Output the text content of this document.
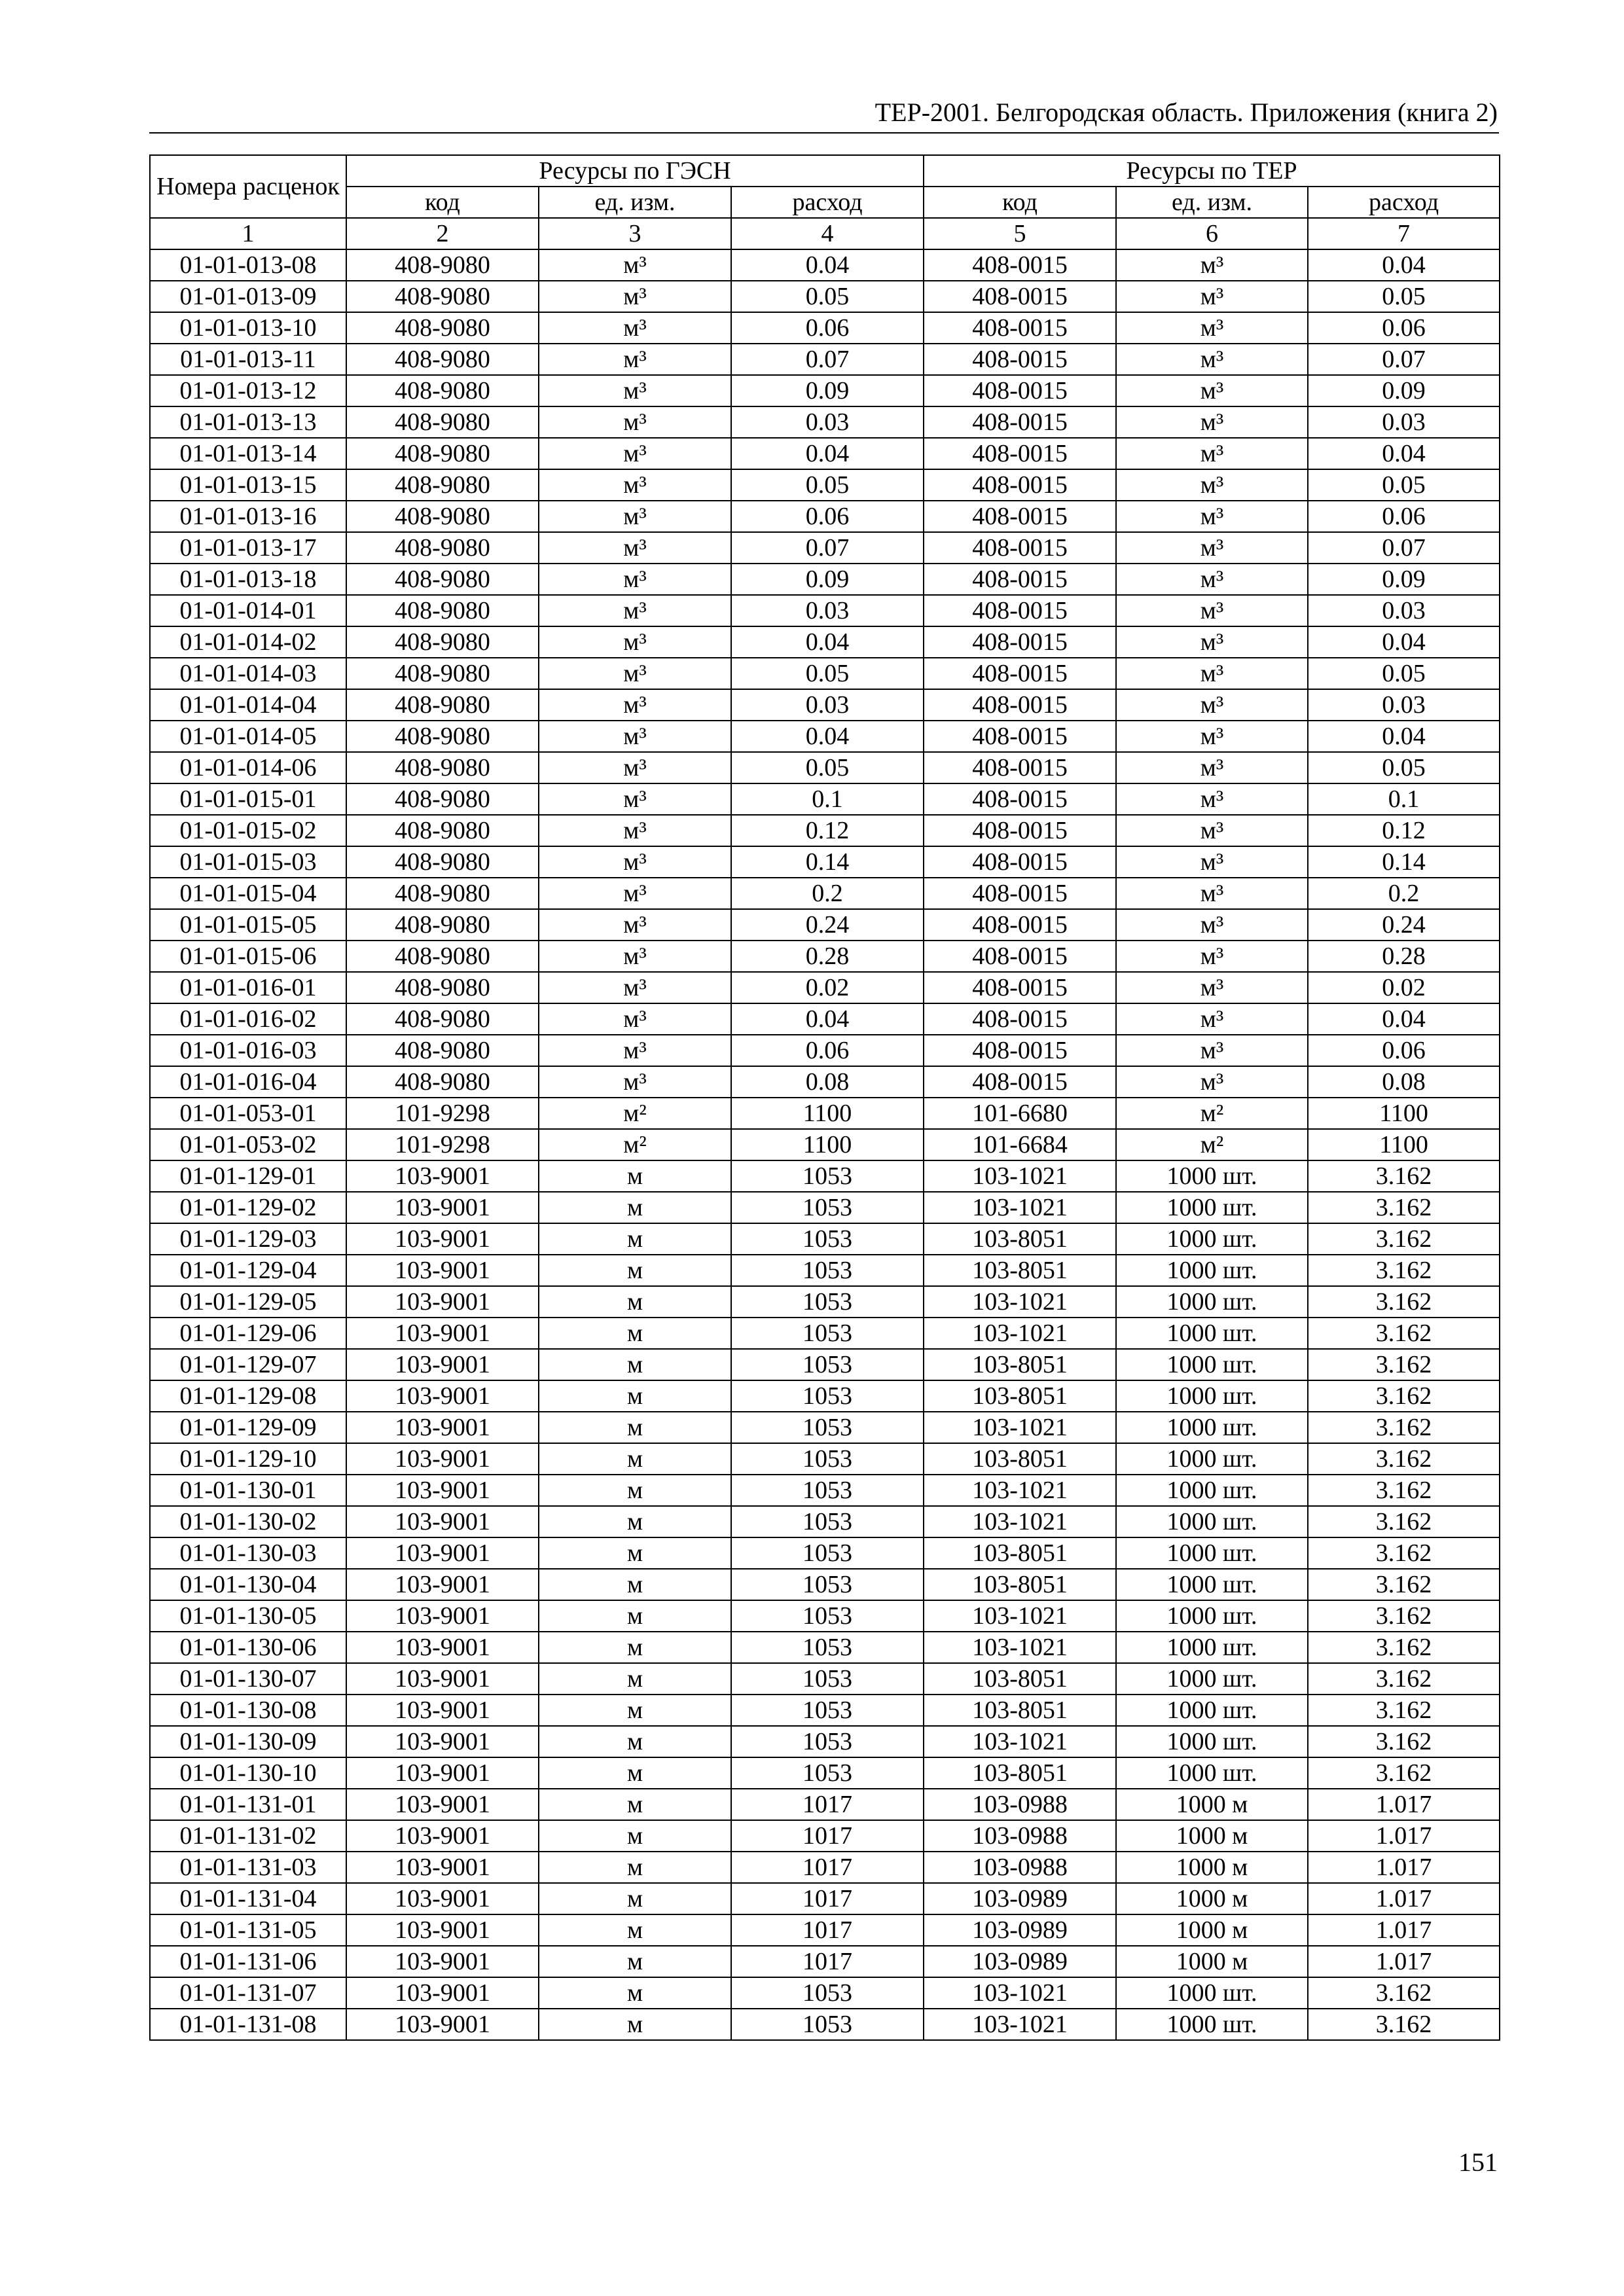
ТЕР-2001. Белгородская область. Приложения (книга 2)
Номера расценок	Ресурсы по ГЭСН			Ресурсы по ТЕР		
	код	ед. изм.	расход	код	ед. изм.	расход
1	2	3	4	5	6	7
01-01-013-08	408-9080	м³	0.04	408-0015	м³	0.04
01-01-013-09	408-9080	м³	0.05	408-0015	м³	0.05
01-01-013-10	408-9080	м³	0.06	408-0015	м³	0.06
01-01-013-11	408-9080	м³	0.07	408-0015	м³	0.07
01-01-013-12	408-9080	м³	0.09	408-0015	м³	0.09
01-01-013-13	408-9080	м³	0.03	408-0015	м³	0.03
01-01-013-14	408-9080	м³	0.04	408-0015	м³	0.04
01-01-013-15	408-9080	м³	0.05	408-0015	м³	0.05
01-01-013-16	408-9080	м³	0.06	408-0015	м³	0.06
01-01-013-17	408-9080	м³	0.07	408-0015	м³	0.07
01-01-013-18	408-9080	м³	0.09	408-0015	м³	0.09
01-01-014-01	408-9080	м³	0.03	408-0015	м³	0.03
01-01-014-02	408-9080	м³	0.04	408-0015	м³	0.04
01-01-014-03	408-9080	м³	0.05	408-0015	м³	0.05
01-01-014-04	408-9080	м³	0.03	408-0015	м³	0.03
01-01-014-05	408-9080	м³	0.04	408-0015	м³	0.04
01-01-014-06	408-9080	м³	0.05	408-0015	м³	0.05
01-01-015-01	408-9080	м³	0.1	408-0015	м³	0.1
01-01-015-02	408-9080	м³	0.12	408-0015	м³	0.12
01-01-015-03	408-9080	м³	0.14	408-0015	м³	0.14
01-01-015-04	408-9080	м³	0.2	408-0015	м³	0.2
01-01-015-05	408-9080	м³	0.24	408-0015	м³	0.24
01-01-015-06	408-9080	м³	0.28	408-0015	м³	0.28
01-01-016-01	408-9080	м³	0.02	408-0015	м³	0.02
01-01-016-02	408-9080	м³	0.04	408-0015	м³	0.04
01-01-016-03	408-9080	м³	0.06	408-0015	м³	0.06
01-01-016-04	408-9080	м³	0.08	408-0015	м³	0.08
01-01-053-01	101-9298	м²	1100	101-6680	м²	1100
01-01-053-02	101-9298	м²	1100	101-6684	м²	1100
01-01-129-01	103-9001	м	1053	103-1021	1000 шт.	3.162
01-01-129-02	103-9001	м	1053	103-1021	1000 шт.	3.162
01-01-129-03	103-9001	м	1053	103-8051	1000 шт.	3.162
01-01-129-04	103-9001	м	1053	103-8051	1000 шт.	3.162
01-01-129-05	103-9001	м	1053	103-1021	1000 шт.	3.162
01-01-129-06	103-9001	м	1053	103-1021	1000 шт.	3.162
01-01-129-07	103-9001	м	1053	103-8051	1000 шт.	3.162
01-01-129-08	103-9001	м	1053	103-8051	1000 шт.	3.162
01-01-129-09	103-9001	м	1053	103-1021	1000 шт.	3.162
01-01-129-10	103-9001	м	1053	103-8051	1000 шт.	3.162
01-01-130-01	103-9001	м	1053	103-1021	1000 шт.	3.162
01-01-130-02	103-9001	м	1053	103-1021	1000 шт.	3.162
01-01-130-03	103-9001	м	1053	103-8051	1000 шт.	3.162
01-01-130-04	103-9001	м	1053	103-8051	1000 шт.	3.162
01-01-130-05	103-9001	м	1053	103-1021	1000 шт.	3.162
01-01-130-06	103-9001	м	1053	103-1021	1000 шт.	3.162
01-01-130-07	103-9001	м	1053	103-8051	1000 шт.	3.162
01-01-130-08	103-9001	м	1053	103-8051	1000 шт.	3.162
01-01-130-09	103-9001	м	1053	103-1021	1000 шт.	3.162
01-01-130-10	103-9001	м	1053	103-8051	1000 шт.	3.162
01-01-131-01	103-9001	м	1017	103-0988	1000 м	1.017
01-01-131-02	103-9001	м	1017	103-0988	1000 м	1.017
01-01-131-03	103-9001	м	1017	103-0988	1000 м	1.017
01-01-131-04	103-9001	м	1017	103-0989	1000 м	1.017
01-01-131-05	103-9001	м	1017	103-0989	1000 м	1.017
01-01-131-06	103-9001	м	1017	103-0989	1000 м	1.017
01-01-131-07	103-9001	м	1053	103-1021	1000 шт.	3.162
01-01-131-08	103-9001	м	1053	103-1021	1000 шт.	3.162
151
